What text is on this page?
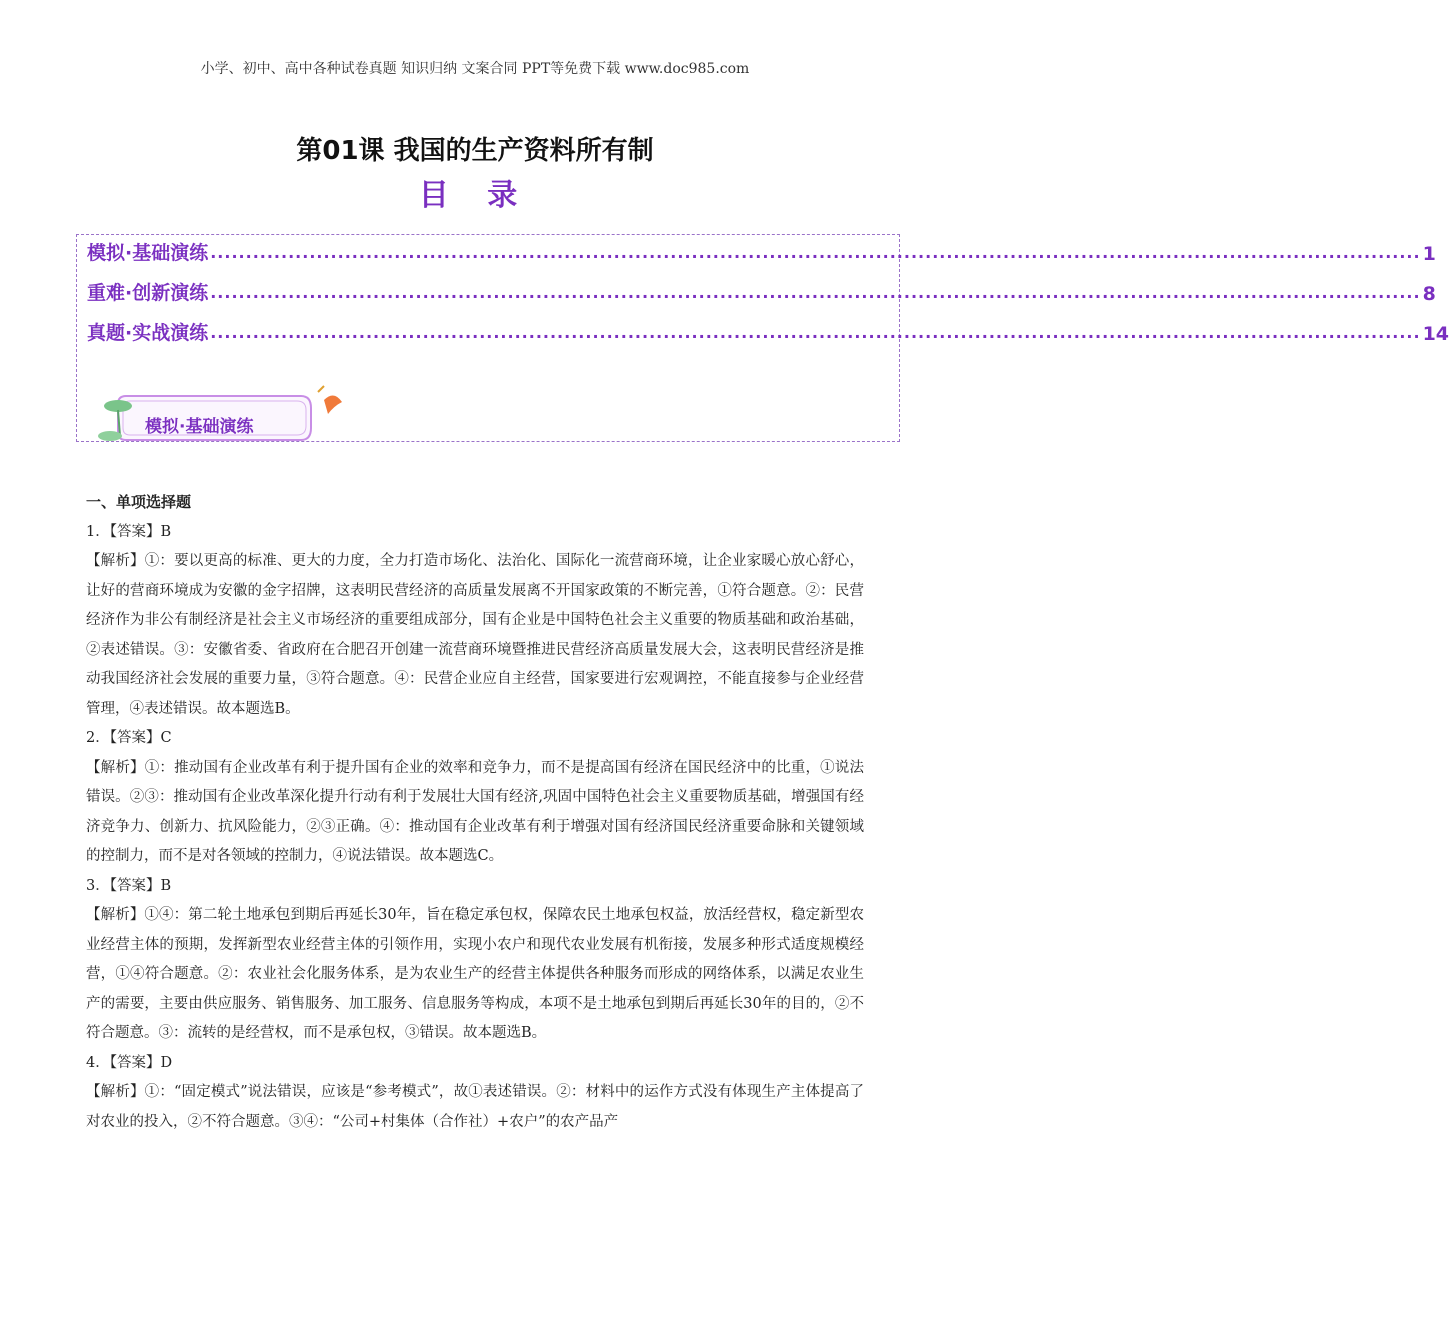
小学、初中、高中各种试卷真题 知识归纳 文案合同 PPT等免费下载 www.doc985.com
第01课 我国的生产资料所有制
目 录
模拟·基础演练 ........................................................................................................................................................................... 1
重难·创新演练 ........................................................................................................................................................................... 8
真题·实战演练 ........................................................................................................................................................................... 14
模拟·基础演练
一、单项选择题

1．【答案】B

【解析】①：要以更高的标准、更大的力度，全力打造市场化、法治化、国际化一流营商环境，让企业家暖心放心舒心，让好的营商环境成为安徽的金字招牌，这表明民营经济的高质量发展离不开国家政策的不断完善，①符合题意。②：民营经济作为非公有制经济是社会主义市场经济的重要组成部分，国有企业是中国特色社会主义重要的物质基础和政治基础，②表述错误。③：安徽省委、省政府在合肥召开创建一流营商环境暨推进民营经济高质量发展大会，这表明民营经济是推动我国经济社会发展的重要力量，③符合题意。④：民营企业应自主经营，国家要进行宏观调控，不能直接参与企业经营管理，④表述错误。故本题选B。

2．【答案】C

【解析】①：推动国有企业改革有利于提升国有企业的效率和竞争力，而不是提高国有经济在国民经济中的比重，①说法错误。②③：推动国有企业改革深化提升行动有利于发展壮大国有经济,巩固中国特色社会主义重要物质基础，增强国有经济竞争力、创新力、抗风险能力，②③正确。④：推动国有企业改革有利于增强对国有经济国民经济重要命脉和关键领域的控制力，而不是对各领域的控制力，④说法错误。故本题选C。

3．【答案】B

【解析】①④：第二轮土地承包到期后再延长30年，旨在稳定承包权，保障农民土地承包权益，放活经营权，稳定新型农业经营主体的预期，发挥新型农业经营主体的引领作用，实现小农户和现代农业发展有机衔接，发展多种形式适度规模经营，①④符合题意。②：农业社会化服务体系，是为农业生产的经营主体提供各种服务而形成的网络体系，以满足农业生产的需要，主要由供应服务、销售服务、加工服务、信息服务等构成，本项不是土地承包到期后再延长30年的目的，②不符合题意。③：流转的是经营权，而不是承包权，③错误。故本题选B。

4．【答案】D

【解析】①：“固定模式”说法错误，应该是“参考模式”，故①表述错误。②：材料中的运作方式没有体现生产主体提高了对农业的投入，②不符合题意。③④：“公司+村集体（合作社）+农户”的农产品产
